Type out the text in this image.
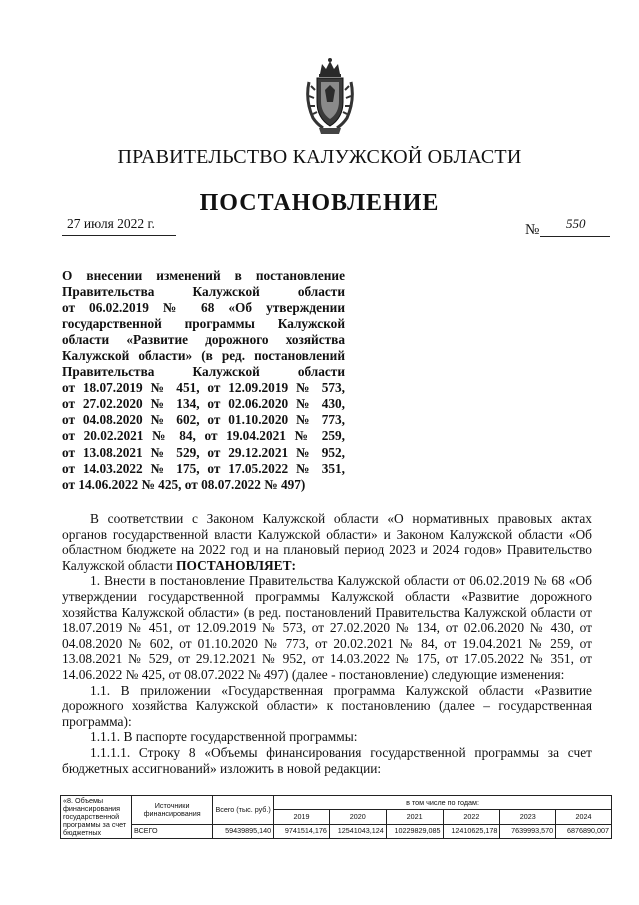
ПРАВИТЕЛЬСТВО КАЛУЖСКОЙ ОБЛАСТИ
ПОСТАНОВЛЕНИЕ
27 июля 2022 г.	№ 550
О внесении изменений в постановление
Правительства Калужской области
от 06.02.2019 № 68 «Об утверждении
государственной программы Калужской
области «Развитие дорожного хозяйства
Калужской области» (в ред. постановлений
Правительства Калужской области
от 18.07.2019 № 451, от 12.09.2019 № 573,
от 27.02.2020 № 134, от 02.06.2020 № 430,
от 04.08.2020 № 602, от 01.10.2020 № 773,
от 20.02.2021 № 84, от 19.04.2021 № 259,
от 13.08.2021 № 529, от 29.12.2021 № 952,
от 14.03.2022 № 175, от 17.05.2022 № 351,
от 14.06.2022 № 425, от 08.07.2022 № 497)

В соответствии с Законом Калужской области «О нормативных правовых актах органов государственной власти Калужской области» и Законом Калужской области «Об областном бюджете на 2022 год и на плановый период 2023 и 2024 годов» Правительство Калужской области ПОСТАНОВЛЯЕТ:

1. Внести в постановление Правительства Калужской области от 06.02.2019 № 68 «Об утверждении государственной программы Калужской области «Развитие дорожного хозяйства Калужской области» (в ред. постановлений Правительства Калужской области от 18.07.2019 № 451, от 12.09.2019 № 573, от 27.02.2020 № 134, от 02.06.2020 № 430, от 04.08.2020 № 602, от 01.10.2020 № 773, от 20.02.2021 № 84, от 19.04.2021 № 259, от 13.08.2021 № 529, от 29.12.2021 № 952, от 14.03.2022 № 175, от 17.05.2022 № 351, от 14.06.2022 № 425, от 08.07.2022 № 497) (далее - постановление) следующие изменения:

1.1. В приложении «Государственная программа Калужской области «Развитие дорожного хозяйства Калужской области» к постановлению (далее – государственная программа):

1.1.1. В паспорте государственной программы:

1.1.1.1. Строку 8 «Объемы финансирования государственной программы за счет бюджетных ассигнований» изложить в новой редакции:

«8. Объемы финансирования государственной программы за счет бюджетных	Источники финансирования	Всего (тыс. руб.)	в том числе по годам:					
			2019	2020	2021	2022	2023	2024
	ВСЕГО	59439895,140	9741514,176	12541043,124	10229829,085	12410625,178	7639993,570	6876890,007
